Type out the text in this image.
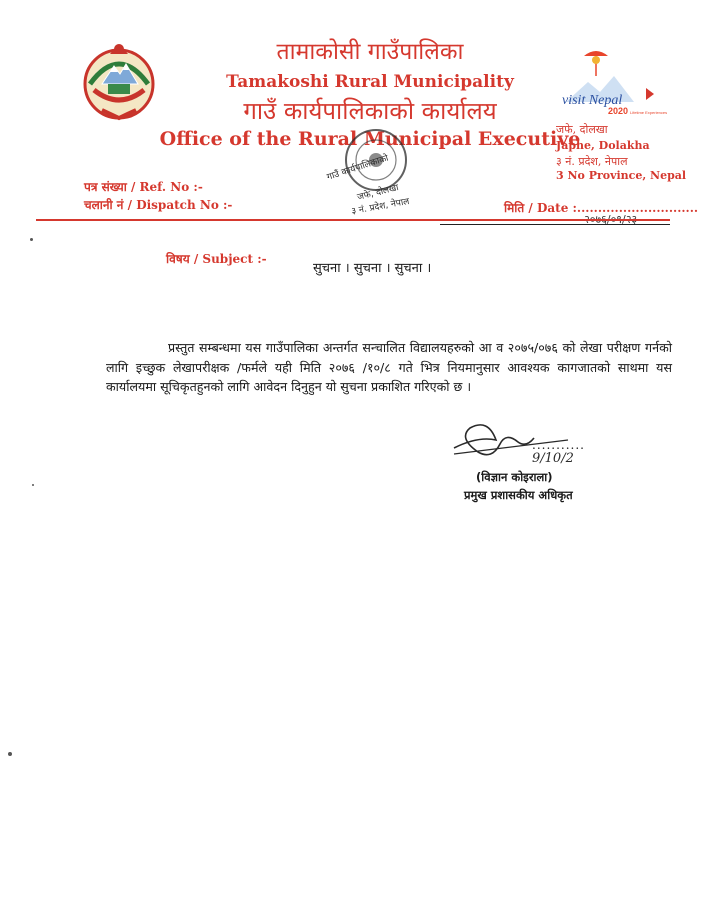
तामाकोसी गाउँपालिका
Tamakoshi Rural Municipality
गाउँ कार्यपालिकाको कार्यालय
Office of the Rural Municipal Executive
visit Nepal
2020 Lifetime Experiences
जफे, दोलखा
Japhe, Dolakha
३ नं. प्रदेश, नेपाल
3 No Province, Nepal
पत्र संख्या / Ref. No :-
चलानी नं / Dispatch No :-
गाउँ कार्यपालिकाको
जफे, दोलखा
३ नं. प्रदेश, नेपाल	मिति / Date :.............................
२०७६/०९/२३
विषय / Subject :-
सुचना । सुचना । सुचना ।
प्रस्तुत सम्बन्धमा यस गाउँपालिका अन्तर्गत सन्चालित विद्यालयहरुको आ व २०७५/०७६ को लेखा परीक्षण गर्नको लागि इच्छुक लेखापरीक्षक /फर्मले यही मिति २०७६ /१०/८ गते भित्र नियमानुसार आवश्यक कागजातको साथमा यस कार्यालयमा सूचिकृतहुनको लागि आवेदन दिनुहुन यो सुचना प्रकाशित गरिएको छ ।
9/10/2
...........
(विज्ञान कोइराला)
प्रमुख प्रशासकीय अधिकृत
